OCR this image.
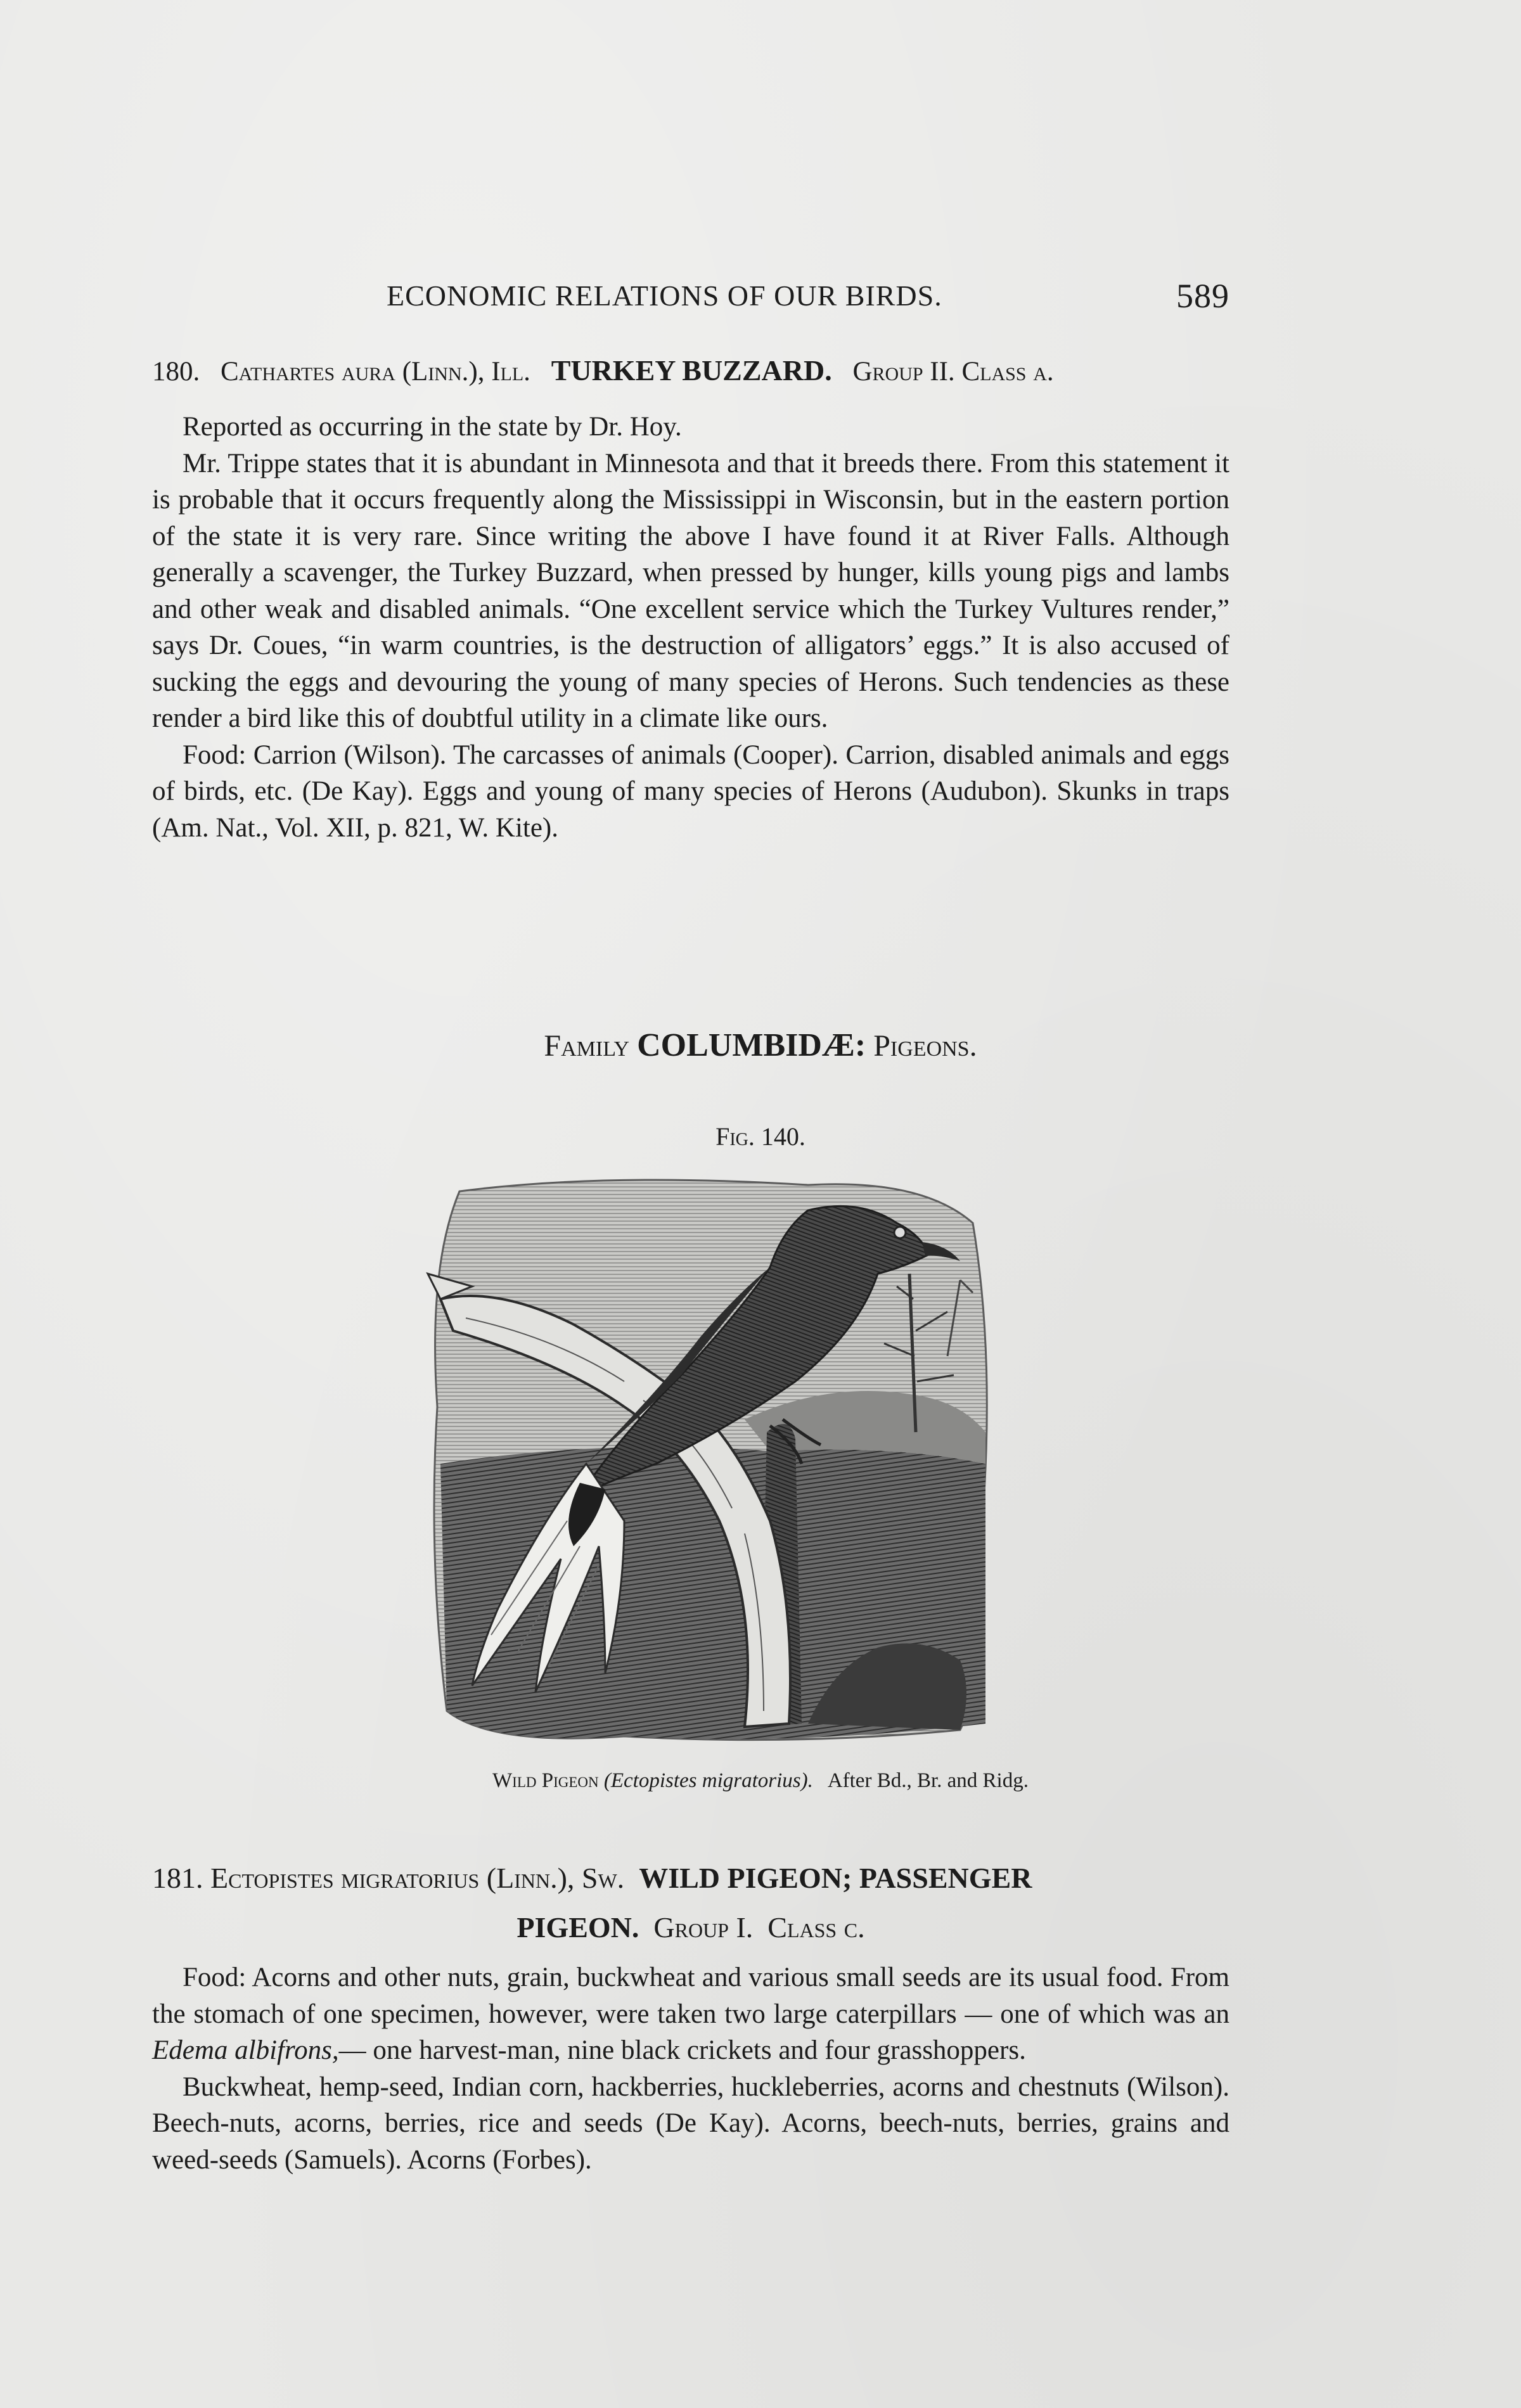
ECONOMIC RELATIONS OF OUR BIRDS.	589
180. Cathartes aura (Linn.), Ill. TURKEY BUZZARD. Group II. Class a.

Reported as occurring in the state by Dr. Hoy.

Mr. Trippe states that it is abundant in Minnesota and that it breeds there. From this statement it is probable that it occurs frequently along the Mississippi in Wisconsin, but in the eastern portion of the state it is very rare. Since writing the above I have found it at River Falls. Although generally a scavenger, the Turkey Buzzard, when pressed by hunger, kills young pigs and lambs and other weak and disabled animals. “One excellent service which the Turkey Vultures render,” says Dr. Coues, “in warm countries, is the destruction of alligators’ eggs.” It is also accused of sucking the eggs and devouring the young of many species of Herons. Such tendencies as these render a bird like this of doubtful utility in a climate like ours.

Food: Carrion (Wilson). The carcasses of animals (Cooper). Carrion, disabled animals and eggs of birds, etc. (De Kay). Eggs and young of many species of Herons (Audubon). Skunks in traps (Am. Nat., Vol. XII, p. 821, W. Kite).

Family COLUMBIDÆ: Pigeons.
Fig. 140.
Wild Pigeon (Ectopistes migratorius). After Bd., Br. and Ridg.
181. Ectopistes migratorius (Linn.), Sw. WILD PIGEON; PASSENGER
PIGEON. Group I. Class c.

Food: Acorns and other nuts, grain, buckwheat and various small seeds are its usual food. From the stomach of one specimen, however, were taken two large caterpillars — one of which was an Edema albifrons,— one harvest-man, nine black crickets and four grasshoppers.

Buckwheat, hemp-seed, Indian corn, hackberries, huckleberries, acorns and chestnuts (Wilson). Beech-nuts, acorns, berries, rice and seeds (De Kay). Acorns, beech-nuts, berries, grains and weed-seeds (Samuels). Acorns (Forbes).
